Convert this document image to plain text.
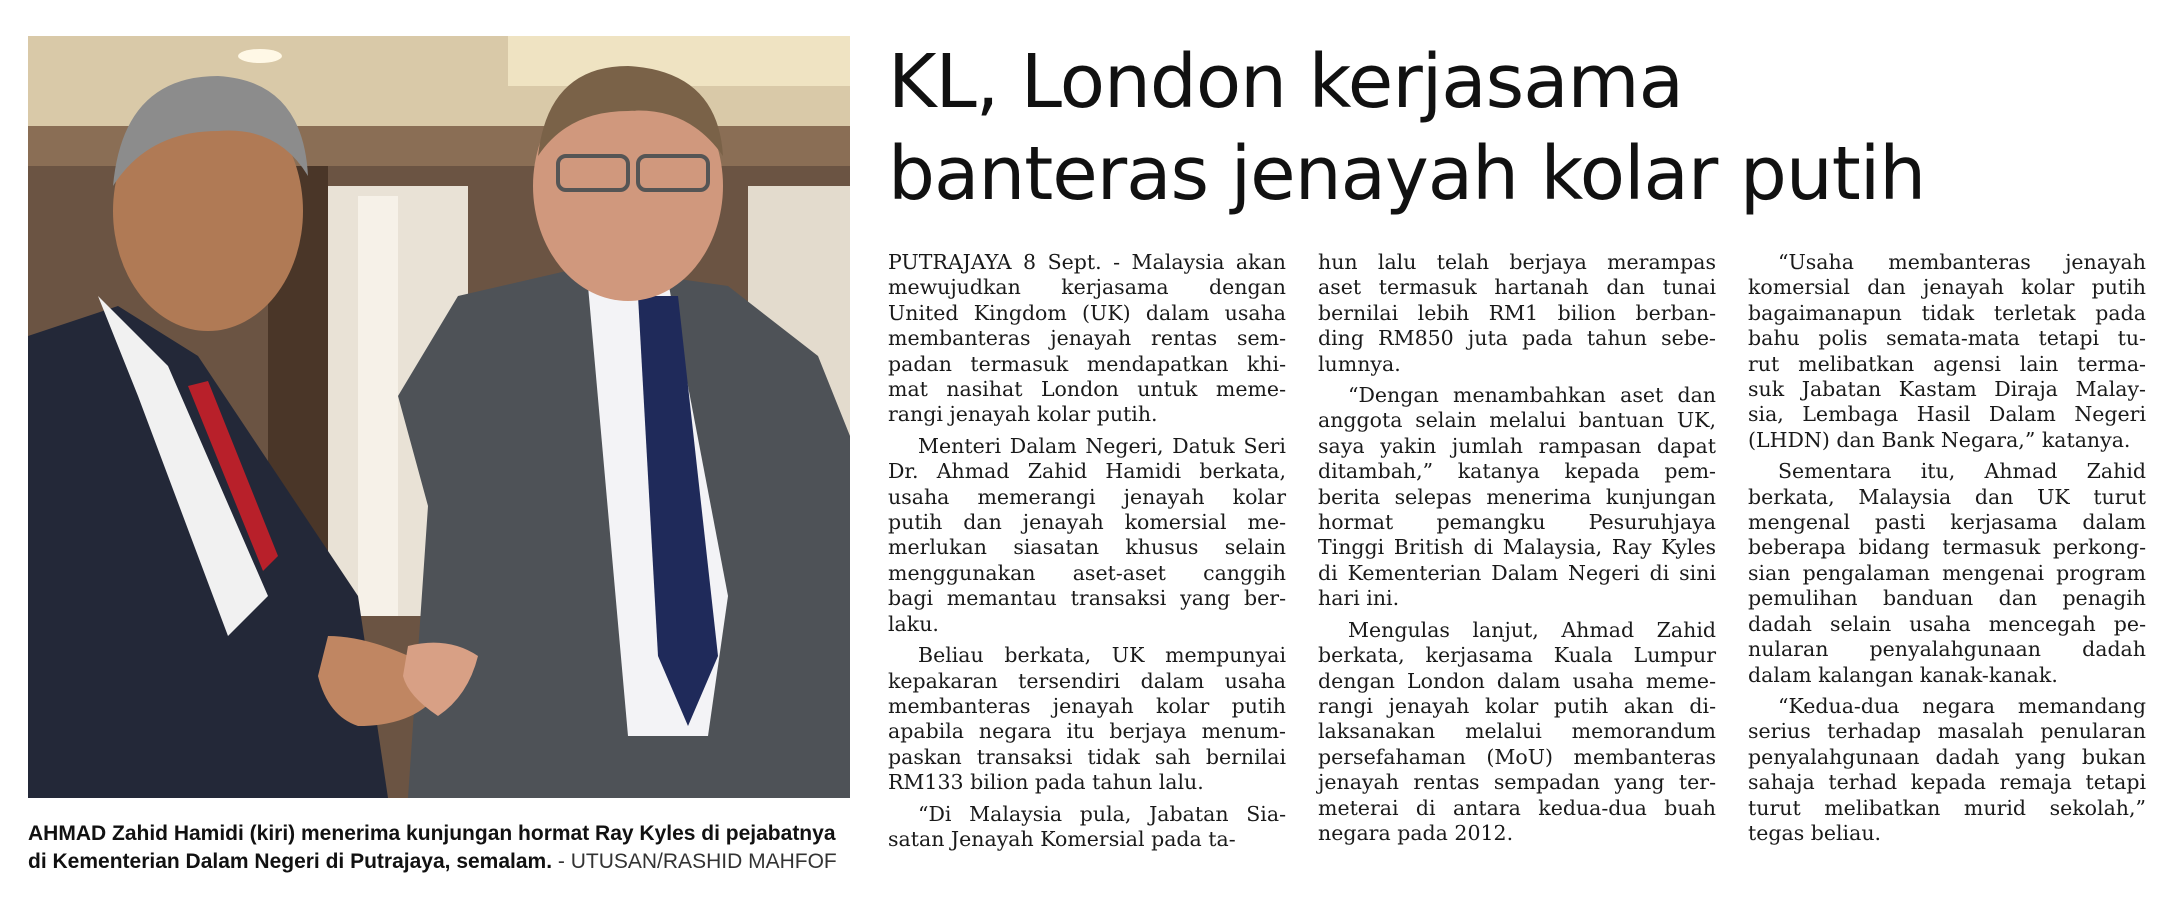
AHMAD Zahid Hamidi (kiri) menerima kunjungan hormat Ray Kyles di pejabatnya di Kementerian Dalam Negeri di Putrajaya, semalam. - UTUSAN/RASHID MAHFOF
KL, London kerjasama
banteras jenayah kolar putih
PUTRAJAYA 8 Sept. - Malaysia akan
mewujudkan kerjasama dengan
United Kingdom (UK) dalam usaha
membanteras jenayah rentas sem-
padan termasuk mendapatkan khi-
mat nasihat London untuk meme-
rangi jenayah kolar putih.
Menteri Dalam Negeri, Datuk Seri
Dr. Ahmad Zahid Hamidi berkata,
usaha memerangi jenayah kolar
putih dan jenayah komersial me-
merlukan siasatan khusus selain
menggunakan aset-aset canggih
bagi memantau transaksi yang ber-
laku.
Beliau berkata, UK mempunyai
kepakaran tersendiri dalam usaha
membanteras jenayah kolar putih
apabila negara itu berjaya menum-
paskan transaksi tidak sah bernilai
RM133 bilion pada tahun lalu.
“Di Malaysia pula, Jabatan Sia-
satan Jenayah Komersial pada ta-
hun lalu telah berjaya merampas
aset termasuk hartanah dan tunai
bernilai lebih RM1 bilion berban-
ding RM850 juta pada tahun sebe-
lumnya.
“Dengan menambahkan aset dan
anggota selain melalui bantuan UK,
saya yakin jumlah rampasan dapat
ditambah,” katanya kepada pem-
berita selepas menerima kunjungan
hormat pemangku Pesuruhjaya
Tinggi British di Malaysia, Ray Kyles
di Kementerian Dalam Negeri di sini
hari ini.
Mengulas lanjut, Ahmad Zahid
berkata, kerjasama Kuala Lumpur
dengan London dalam usaha meme-
rangi jenayah kolar putih akan di-
laksanakan melalui memorandum
persefahaman (MoU) membanteras
jenayah rentas sempadan yang ter-
meterai di antara kedua-dua buah
negara pada 2012.
“Usaha membanteras jenayah
komersial dan jenayah kolar putih
bagaimanapun tidak terletak pada
bahu polis semata-mata tetapi tu-
rut melibatkan agensi lain terma-
suk Jabatan Kastam Diraja Malay-
sia, Lembaga Hasil Dalam Negeri
(LHDN) dan Bank Negara,” katanya.
Sementara itu, Ahmad Zahid
berkata, Malaysia dan UK turut
mengenal pasti kerjasama dalam
beberapa bidang termasuk perkong-
sian pengalaman mengenai program
pemulihan banduan dan penagih
dadah selain usaha mencegah pe-
nularan penyalahgunaan dadah
dalam kalangan kanak-kanak.
“Kedua-dua negara memandang
serius terhadap masalah penularan
penyalahgunaan dadah yang bukan
sahaja terhad kepada remaja tetapi
turut melibatkan murid sekolah,”
tegas beliau.
